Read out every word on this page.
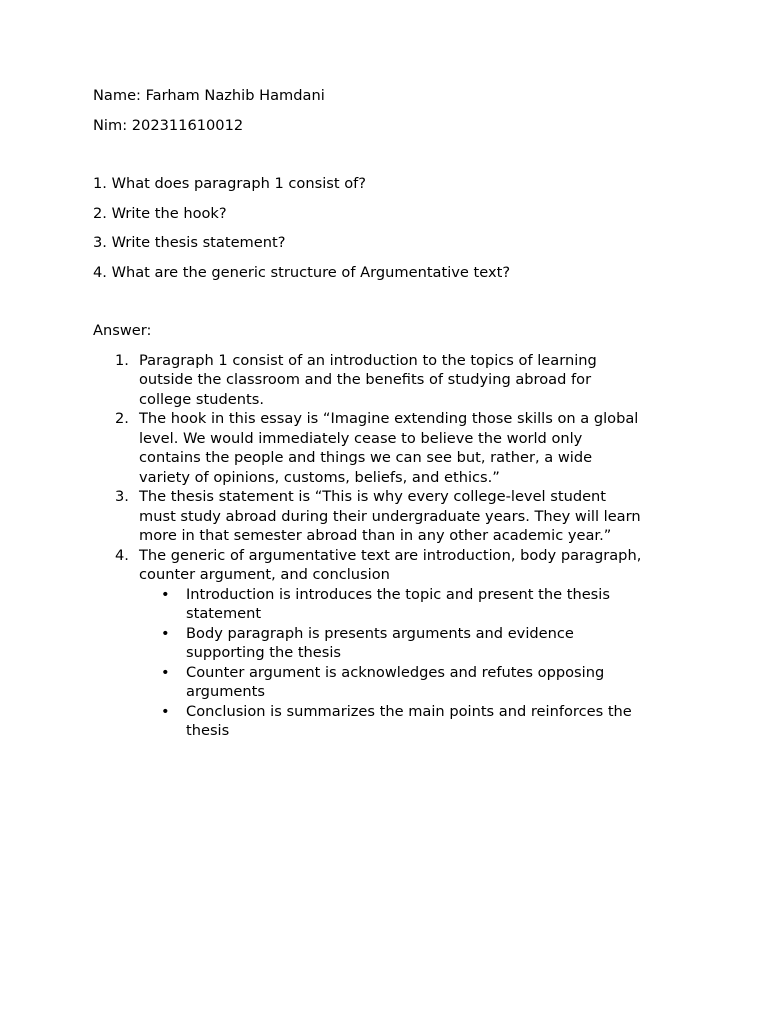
Name: Farham Nazhib Hamdani

Nim: 202311610012

1. What does paragraph 1 consist of?

2. Write the hook?

3. Write thesis statement?

4. What are the generic structure of Argumentative text?

Answer:

1. Paragraph 1 consist of an introduction to the topics of learning
outside the classroom and the benefits of studying abroad for
college students.
2. The hook in this essay is “Imagine extending those skills on a global
level. We would immediately cease to believe the world only
contains the people and things we can see but, rather, a wide
variety of opinions, customs, beliefs, and ethics.”
3. The thesis statement is “This is why every college-level student
must study abroad during their undergraduate years. They will learn
more in that semester abroad than in any other academic year.”
4. The generic of argumentative text are introduction, body paragraph,
counter argument, and conclusion
• Introduction is introduces the topic and present the thesis
statement
• Body paragraph is presents arguments and evidence
supporting the thesis
• Counter argument is acknowledges and refutes opposing
arguments
• Conclusion is summarizes the main points and reinforces the
thesis
